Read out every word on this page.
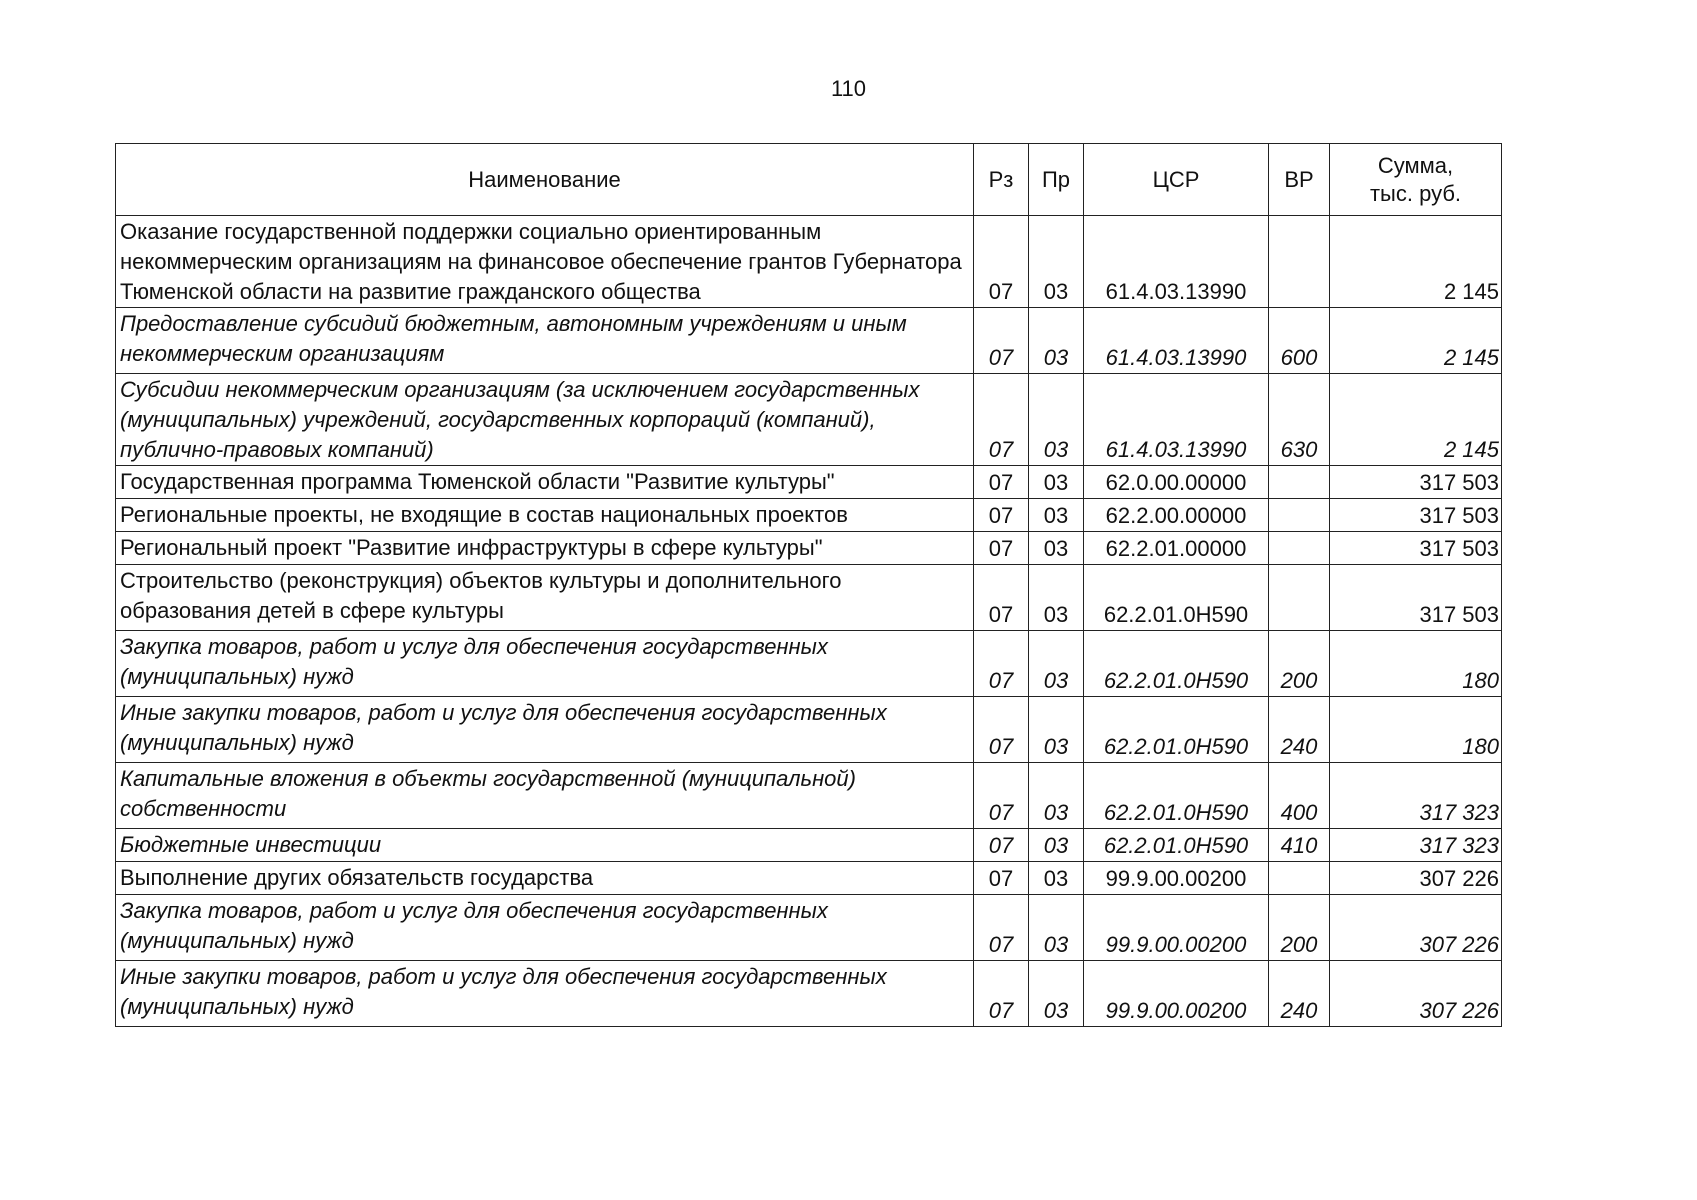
110
Наименование	Рз	Пр	ЦСР	ВР	Сумма,
тыс. руб.
Оказание государственной поддержки социально ориентированным некоммерческим организациям на финансовое обеспечение грантов Губернатора Тюменской области на развитие гражданского общества	07	03	61.4.03.13990		2 145
Предоставление субсидий бюджетным, автономным учреждениям и иным некоммерческим организациям	07	03	61.4.03.13990	600	2 145
Субсидии некоммерческим организациям (за исключением государственных (муниципальных) учреждений, государственных корпораций (компаний), публично-правовых компаний)	07	03	61.4.03.13990	630	2 145
Государственная программа Тюменской области "Развитие культуры"	07	03	62.0.00.00000		317 503
Региональные проекты, не входящие в состав национальных проектов	07	03	62.2.00.00000		317 503
Региональный проект "Развитие инфраструктуры в сфере культуры"	07	03	62.2.01.00000		317 503
Строительство (реконструкция) объектов культуры и дополнительного образования детей в сфере культуры	07	03	62.2.01.0Н590		317 503
Закупка товаров, работ и услуг для обеспечения государственных (муниципальных) нужд	07	03	62.2.01.0Н590	200	180
Иные закупки товаров, работ и услуг для обеспечения государственных (муниципальных) нужд	07	03	62.2.01.0Н590	240	180
Капитальные вложения в объекты государственной (муниципальной) собственности	07	03	62.2.01.0Н590	400	317 323
Бюджетные инвестиции	07	03	62.2.01.0Н590	410	317 323
Выполнение других обязательств государства	07	03	99.9.00.00200		307 226
Закупка товаров, работ и услуг для обеспечения государственных (муниципальных) нужд	07	03	99.9.00.00200	200	307 226
Иные закупки товаров, работ и услуг для обеспечения государственных (муниципальных) нужд	07	03	99.9.00.00200	240	307 226
